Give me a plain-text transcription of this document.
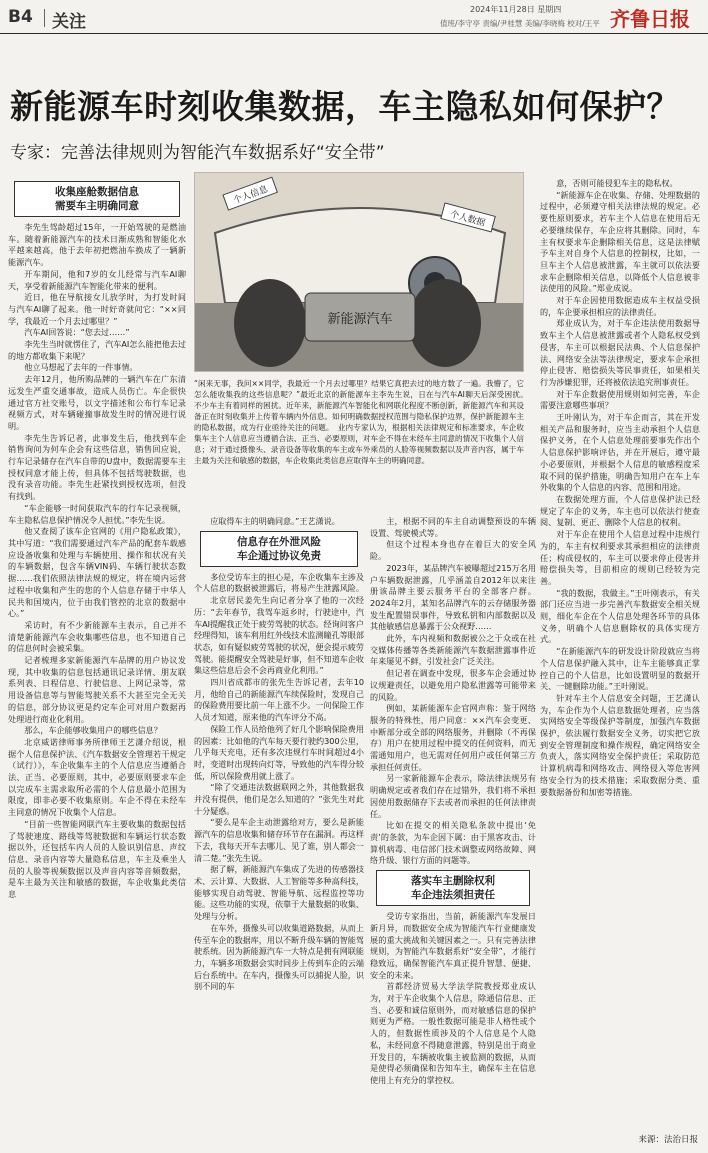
B4 关注
2024年11月28日 星期四
值班/李守亭 责编/尹桂慧 美编/李晓梅 校对/王平 齐鲁日报
新能源车时刻收集数据，车主隐私如何保护？
专家：完善法律规则为智能汽车数据系好“安全带”
收集座舱数据信息
需要车主明确同意

李先生驾龄超过15年，一开始驾驶的是燃油车。随着新能源汽车的技术日渐成熟和智能化水平越来越高，他于去年初把燃油车换成了一辆新能源汽车。

开车期间，他和7岁的女儿经常与汽车AI聊天，享受着新能源汽车智能化带来的便利。

近日，他在导航接女儿放学时，为打发时间与汽车AI聊了起来。他一时好奇就问它：“××同学，我最近一个月去过哪里？”

汽车AI回答说：“您去过……”

李先生当时就愣住了，汽车AI怎么能把他去过的地方都收集下来呢？

他立马想起了去年的一件事情。

去年12月，他所购品牌的一辆汽车在广东清远发生严重交通事故，造成人员伤亡。车企很快通过官方社交账号，以文字描述和公布行车记录视频方式，对车辆碰撞事故发生时的情况进行说明。

李先生告诉记者，此事发生后，他找到车企销售询问为何车企会有这些信息，销售回应说，行车记录储存在汽车自带的U盘中，数据需要车主授权同意才能上传，但具体不包括驾驶数据，也没有录音功能。李先生赶紧找到授权选项，但没有找到。

“车企能够一时间获取汽车的行车记录视频，车主隐私信息保护情况令人担忧。”李先生说。

他又查阅了该车企官网的《用户隐私政策》，其中写道：“我们需要通过汽车产品的配套车载感应设备收集和处理与车辆使用、操作和状况有关的车辆数据，包含车辆VIN码、车辆行驶状态数据……我们依照法律法规的规定，将在境内运营过程中收集和产生的您的个人信息存储于中华人民共和国境内，位于由我们管控的北京的数据中心。”

采访时，有不少新能源车主表示，自己并不清楚新能源汽车会收集哪些信息，也不知道自己的信息何时会被采集。

记者梳理多家新能源汽车品牌的用户协议发现，其中收集的信息包括通讯记录详情、朋友联系列表、日程信息、行驶信息、上网记录等，常用设备信息等与智能驾驶关系不大甚至完全无关的信息，部分协议更是约定车企可对用户数据再处理进行商业化利用。

那么，车企能够收集用户的哪些信息？

北京威诺律师事务所律师王艺潇介绍说，根据个人信息保护法、《汽车数据安全管理若干规定（试行）》，车企收集车主的个人信息应当遵循合法、正当、必要原则，其中，必要原则要求车企以完成车主需求取所必需的个人信息最小范围为限度，即非必要不收集原则。车企不得在未经车主同意的情况下收集个人信息。

“目前一些智能网联汽车主要收集的数据包括了驾驶速度、路线等驾驶数据和车辆运行状态数据以外，还包括车内人员的人脸识别信息、声纹信息、录音内容等大量隐私信息，车主及乘坐人员的人脸等视频数据以及声音内容等音频数据，是车主最为关注和敏感的数据，车企收集此类信息

新能源汽车
个人信息
个人数据
“闲来无事，我问××同学，我最近一个月去过哪里？结果它真把去过的地方数了一遍。我懵了，它怎么能收集我的这些信息呢？”最近北京的新能源车主李先生说，日在与汽车AI聊天后深受困扰。　不少车主有着同样的困扰。近年来，新能源汽车智能化和网联化程度不断创新，新能源汽车和其设备正在时刻收集并上传着车辆内外信息。如何明确数据授权范围与隐私保护边界，保护新能源车主的隐私数据，成为行业亟待关注的问题。　业内专家认为，根据相关法律规定和标准要求，车企收集车主个人信息应当遵循合法、正当、必要原则，对车企不得在未经车主同意的情况下收集个人信息；对于通过摄像头、录音设备等收集的车主或车外乘员的人脸等视频数据以及声音内容，属于车主最为关注和敏感的数据，车企收集此类信息应取得车主的明确同意。

应取得车主的明确同意。”王艺潇说。

信息存在外泄风险
车企通过协议免责

多位受访车主的担心是，车企收集车主涉及个人信息的数据被泄露后，将易产生泄露风险。

北京居民姜先生向记者分享了他的一次经历：“去年春节，我驾车返乡时，行驶途中，汽车AI提醒我正处于疲劳驾驶的状态。经询问客户经理得知，该车利用红外线技术监测瞳孔等眼部状态，如有疑似疲劳驾驶的状况，便会提示疲劳驾驶。能提醒安全驾驶是好事，但不知道车企收集这些信息后会不会再商业化利用。”

四川省成都市的张先生告诉记者，去年10月，他给自己的新能源汽车续保险时，发现自己的保险费用要比前一年上涨不少。一问保险工作人员才知道，原来他的汽车评分不高。

保险工作人员给他列了好几个影响保险费用的因素：比如他的汽车每天要行驶约300公里，几乎每天充电，还有多次违规行车时间超过4小时，变道时出现转向灯等，导致他的汽车得分较低，所以保险费用就上涨了。

“除了交通违法数据联网之外，其他数据我并没有提供，他们是怎么知道的？”张先生对此十分疑惑。

“要么是车企主动泄露给对方，要么是新能源汽车的信息收集和储存环节存在漏洞。再这样下去，我每天开车去哪儿、见了谁，别人都会一清二楚。”张先生说。

据了解，新能源汽车集成了先进的传感器技术、云计算、大数据、人工智能等多种高科技，能够实现自动驾驶、智能导航、远程监控等功能。这些功能的实现，依靠于大量数据的收集、处理与分析。

在车外，摄像头可以收集道路数据，从而上传至车企的数据库，用以不断升级车辆的智能驾驶系统。因为新能源汽车一大特点是拥有网联能力，车辆多项数据会实时同步上传到车企的云端后台系统中。在车内，摄像头可以捕捉人脸，识别不同的车

主，根据不同的车主自动调整预设的车辆设置、驾驶模式等。

但这个过程本身也存在着巨大的安全风险。

2023年，某品牌汽车被曝超过215万名用户车辆数据泄露，几乎涵盖自2012年以来注册该品牌主要云服务平台的全部客户群。2024年2月，某知名品牌汽车的云存储服务器发生配置错误事件，导致私钥和内部数据以及其他敏感信息暴露于公众视野……

此外，车内视频和数据被公之于众或在社交媒体传播等各类新能源汽车数据泄露事件近年来屡见不鲜，引发社会广泛关注。

但记者在调查中发现，很多车企会通过协议规避责任，以避免用户隐私泄露等可能带来的风险。

例如，某新能源车企官网声称：鉴于网络服务的特殊性，用户同意：××汽车会变更、中断部分或全部的网络服务，并删除（不再保存）用户在使用过程中提交的任何资料，而无需通知用户，也无需对任何用户或任何第三方承担任何责任。

另一家新能源车企表示，除法律法规另有明确规定或者我们存在过错外，我们将不承担因使用数据储存下去或者而承担的任何法律责任。

比如在提交的相关隐私条款中提出‘免责’的条款，为车企因下属：由于黑客攻击、计算机病毒、电信部门技术调整或网络故障、网络升级、银行方面的问题等。

落实车主删除权利
车企违法须担责任

受访专家指出，当前，新能源汽车发展日新月异，而数据安全成为智能汽车行业健康发展的重大挑战和关键因素之一。只有完善法律规则，为智能汽车数据系好“安全带”，才能行稳致远，确保智能汽车真正提升智慧、便捷、安全的未来。

首都经济贸易大学法学院教授郑业成认为，对于车企收集个人信息，除通信信息、正当、必要和诚信原则外，而对敏感信息的保护则更为严格。一般性数据可能是非人格性或个人的，但数据性质涉及的个人信息是个人隐私，未经同意不得随意泄露，特别是出于商业开发目的，车辆被收集主被监测的数据，从而是使得必须确保和告知车主，确保车主在信息使用上有充分的掌控权。

意，否则可能侵犯车主的隐私权。

“新能源车企在收集、存储、处理数据的过程中，必须遵守相关法律法规的规定。必要性原则要求，若车主个人信息在使用后无必要继续保存，车企应将其删除。同时，车主有权要求车企删除相关信息，这是法律赋予车主对自身个人信息的控制权，比如，一旦车主个人信息被泄露，车主就可以依法要求车企删除相关信息，以降低个人信息被非法使用的风险。”郑业成说。

对于车企因使用数据造成车主权益受损的，车企要承担相应的法律责任。

郑业成认为，对于车企违法使用数据导致车主个人信息被泄露或者个人隐私权受到侵害，车主可以根据民法典、个人信息保护法、网络安全法等法律规定，要求车企承担停止侵害、赔偿损失等民事责任，如果相关行为涉嫌犯罪，还将被依法追究刑事责任。

对于车企数据使用规则如何完善，车企需要注意哪些事项？

王叶刚认为，对于车企而言，其在开发相关产品和服务时，应当主动承担个人信息保护义务，在个人信息处理前要事先作出个人信息保护影响评估，并在开展后，遵守最小必要原则，并根据个人信息的敏感程度采取不同的保护措施，明确告知用户在车上车外收集的个人信息的内容、范围和用途。

在数据处理方面，个人信息保护法已经规定了车企的义务，车主也可以依法行使查阅、复制、更正、删除个人信息的权利。

对于车企在使用个人信息过程中违规行为的，车主有权利要求其承担相应的法律责任；构成侵权的，车主可以要求停止侵害并赔偿损失等，目前相应的规则已经较为完善。

“我的数据，我做主。”王叶刚表示，有关部门还应当进一步完善汽车数据安全相关规则，细化车企在个人信息处理各环节的具体义务，明确个人信息删除权的具体实现方式。

“在新能源汽车的研发设计阶段就应当将个人信息保护融入其中，让车主能够真正掌控自己的个人信息，比如设置明显的数据开关、一键删除功能。”王叶刚说。

针对车主个人信息安全问题，王艺潇认为，车企作为个人信息数据处理者，应当落实网络安全等级保护等制度，加强汽车数据保护，依法履行数据安全义务，切实把它放到安全管理制度和操作规程，确定网络安全负责人，落实网络安全保护责任；采取防范计算机病毒和网络攻击、网络侵入等危害网络安全行为的技术措施；采取数据分类、重要数据备份和加密等措施。

来源：法治日报
